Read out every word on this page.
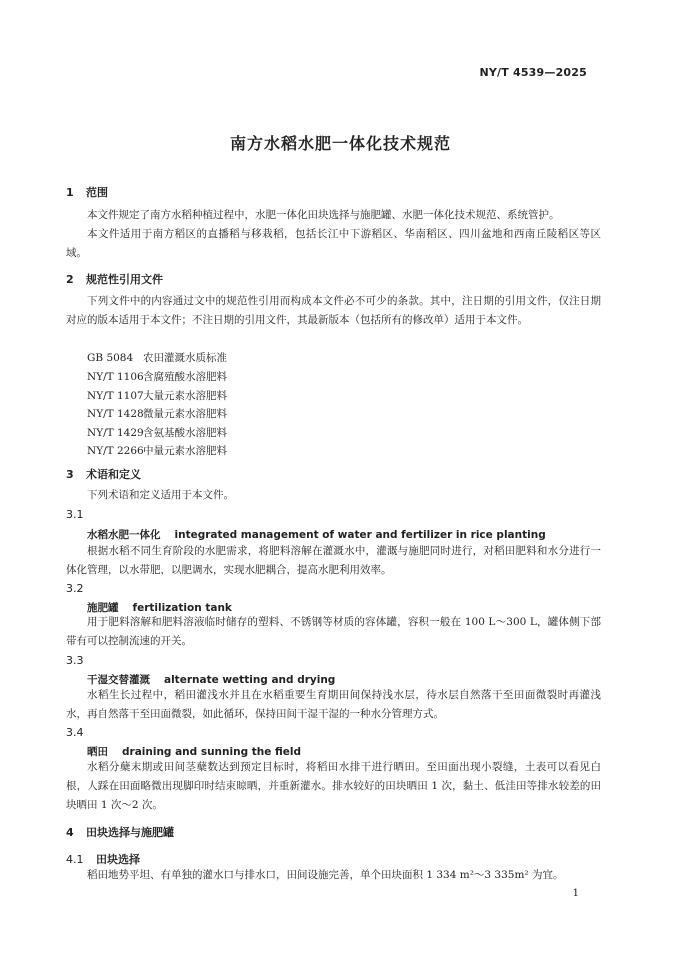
NY/T 4539—2025
南方水稻水肥一体化技术规范
1 范围

本文件规定了南方水稻种植过程中，水肥一体化田块选择与施肥罐、水肥一体化技术规范、系统管护。

本文件适用于南方稻区的直播稻与移栽稻，包括长江中下游稻区、华南稻区、四川盆地和西南丘陵稻区等区域。

2 规范性引用文件

下列文件中的内容通过文中的规范性引用而构成本文件必不可少的条款。其中，注日期的引用文件，仅注日期对应的版本适用于本文件；不注日期的引用文件，其最新版本（包括所有的修改单）适用于本文件。

GB 5084 农田灌溉水质标准
NY/T 1106含腐殖酸水溶肥料
NY/T 1107大量元素水溶肥料
NY/T 1428微量元素水溶肥料
NY/T 1429含氨基酸水溶肥料
NY/T 2266中量元素水溶肥料
3 术语和定义

下列术语和定义适用于本文件。

3.1
水稻水肥一体化 integrated management of water and fertilizer in rice planting

根据水稻不同生育阶段的水肥需求，将肥料溶解在灌溉水中，灌溉与施肥同时进行，对稻田肥料和水分进行一体化管理，以水带肥，以肥调水，实现水肥耦合，提高水肥利用效率。

3.2
施肥罐 fertilization tank

用于肥料溶解和肥料溶液临时储存的塑料、不锈钢等材质的容体罐，容积一般在 100 L～300 L，罐体侧下部带有可以控制流速的开关。

3.3
干湿交替灌溉 alternate wetting and drying

水稻生长过程中，稻田灌浅水并且在水稻重要生育期田间保持浅水层，待水层自然落干至田面微裂时再灌浅水，再自然落干至田面微裂，如此循环，保持田间干湿干湿的一种水分管理方式。

3.4
晒田 draining and sunning the field

水稻分蘖末期或田间茎蘖数达到预定目标时，将稻田水排干进行晒田。至田面出现小裂缝，土表可以看见白根，人踩在田面略微出现脚印时结束晾晒，并重新灌水。排水较好的田块晒田 1 次，黏土、低洼田等排水较差的田块晒田 1 次～2 次。

4 田块选择与施肥罐
4.1 田块选择

稻田地势平坦、有单独的灌水口与排水口，田间设施完善，单个田块面积 1 334 m²～3 335m² 为宜。

1
